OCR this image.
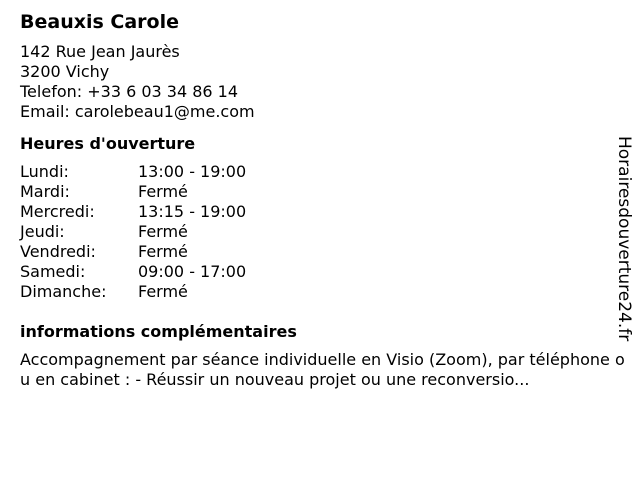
Beauxis Carole
142 Rue Jean Jaurès
3200 Vichy
Telefon: +33 6 03 34 86 14
Email: carolebeau1@me.com
Heures d'ouverture
Lundi:	13:00 - 19:00
Mardi:	Fermé
Mercredi:	13:15 - 19:00
Jeudi:	Fermé
Vendredi:	Fermé
Samedi:	09:00 - 17:00
Dimanche:	Fermé
informations complémentaires
Accompagnement par séance individuelle en Visio (Zoom), par téléphone ou en cabinet : - Réussir un nouveau projet ou une reconversio...
Horairesdouverture24.fr
